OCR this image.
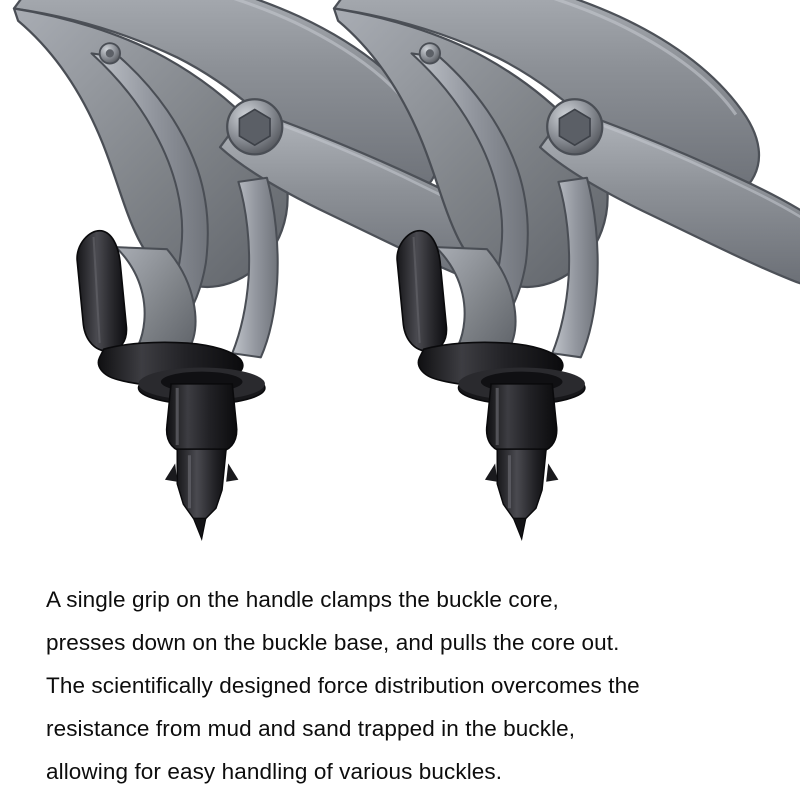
A single grip on the handle clamps the buckle core,
presses down on the buckle base, and pulls the core out.
The scientifically designed force distribution overcomes the
resistance from mud and sand trapped in the buckle,
allowing for easy handling of various buckles.
